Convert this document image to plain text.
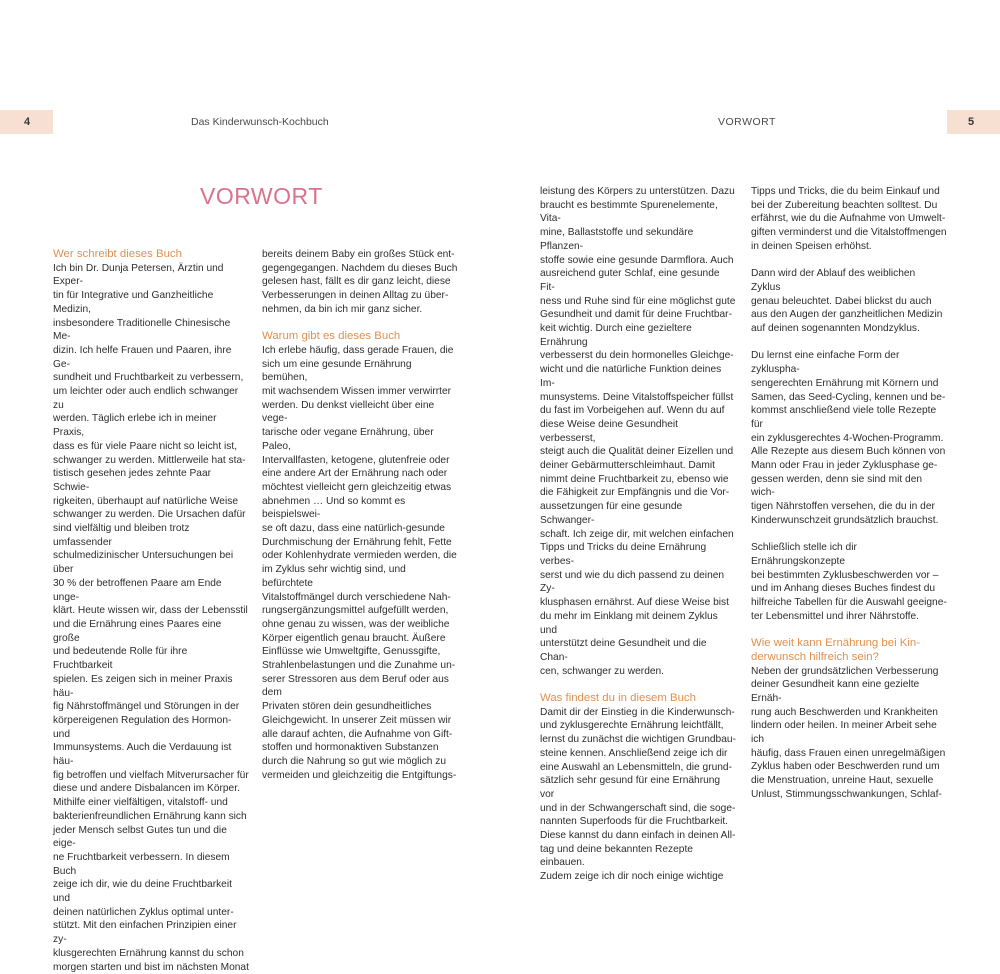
4	Das Kinderwunsch-Kochbuch	VORWORT	5
VORWORT
Wer schreibt dieses Buch
Ich bin Dr. Dunja Petersen, Ärztin und Exper-
tin für Integrative und Ganzheitliche Medizin,
insbesondere Traditionelle Chinesische Me-
dizin. Ich helfe Frauen und Paaren, ihre Ge-
sundheit und Fruchtbarkeit zu verbessern,
um leichter oder auch endlich schwanger zu
werden. Täglich erlebe ich in meiner Praxis,
dass es für viele Paare nicht so leicht ist,
schwanger zu werden. Mittlerweile hat sta-
tistisch gesehen jedes zehnte Paar Schwie-
rigkeiten, überhaupt auf natürliche Weise
schwanger zu werden. Die Ursachen dafür
sind vielfältig und bleiben trotz umfassender
schulmedizinischer Untersuchungen bei über
30 % der betroffenen Paare am Ende unge-
klärt. Heute wissen wir, dass der Lebensstil
und die Ernährung eines Paares eine große
und bedeutende Rolle für ihre Fruchtbarkeit
spielen. Es zeigen sich in meiner Praxis häu-
fig Nährstoffmängel und Störungen in der
körpereigenen Regulation des Hormon- und
Immunsystems. Auch die Verdauung ist häu-
fig betroffen und vielfach Mitverursacher für
diese und andere Disbalancen im Körper.
Mithilfe einer vielfältigen, vitalstoff- und
bakterienfreundlichen Ernährung kann sich
jeder Mensch selbst Gutes tun und die eige-
ne Fruchtbarkeit verbessern. In diesem Buch
zeige ich dir, wie du deine Fruchtbarkeit und
deinen natürlichen Zyklus optimal unter-
stützt. Mit den einfachen Prinzipien einer zy-
klusgerechten Ernährung kannst du schon
morgen starten und bist im nächsten Monat
bereits deinem Baby ein großes Stück ent-
gegengegangen. Nachdem du dieses Buch
gelesen hast, fällt es dir ganz leicht, diese
Verbesserungen in deinen Alltag zu über-
nehmen, da bin ich mir ganz sicher.
Warum gibt es dieses Buch
Ich erlebe häufig, dass gerade Frauen, die
sich um eine gesunde Ernährung bemühen,
mit wachsendem Wissen immer verwirrter
werden. Du denkst vielleicht über eine vege-
tarische oder vegane Ernährung, über Paleo,
Intervallfasten, ketogene, glutenfreie oder
eine andere Art der Ernährung nach oder
möchtest vielleicht gern gleichzeitig etwas
abnehmen … Und so kommt es beispielswei-
se oft dazu, dass eine natürlich-gesunde
Durchmischung der Ernährung fehlt, Fette
oder Kohlenhydrate vermieden werden, die
im Zyklus sehr wichtig sind, und befürchtete
Vitalstoffmängel durch verschiedene Nah-
rungsergänzungsmittel aufgefüllt werden,
ohne genau zu wissen, was der weibliche
Körper eigentlich genau braucht. Äußere
Einflüsse wie Umweltgifte, Genussgifte,
Strahlenbelastungen und die Zunahme un-
serer Stressoren aus dem Beruf oder aus dem
Privaten stören dein gesundheitliches
Gleichgewicht. In unserer Zeit müssen wir
alle darauf achten, die Aufnahme von Gift-
stoffen und hormonaktiven Substanzen
durch die Nahrung so gut wie möglich zu
vermeiden und gleichzeitig die Entgiftungs-
leistung des Körpers zu unterstützen. Dazu
braucht es bestimmte Spurenelemente, Vita-
mine, Ballaststoffe und sekundäre Pflanzen-
stoffe sowie eine gesunde Darmflora. Auch
ausreichend guter Schlaf, eine gesunde Fit-
ness und Ruhe sind für eine möglichst gute
Gesundheit und damit für deine Fruchtbar-
keit wichtig. Durch eine gezieltere Ernährung
verbesserst du dein hormonelles Gleichge-
wicht und die natürliche Funktion deines Im-
munsystems. Deine Vitalstoffspeicher füllst
du fast im Vorbeigehen auf. Wenn du auf
diese Weise deine Gesundheit verbesserst,
steigt auch die Qualität deiner Eizellen und
deiner Gebärmutterschleimhaut. Damit
nimmt deine Fruchtbarkeit zu, ebenso wie
die Fähigkeit zur Empfängnis und die Vor-
aussetzungen für eine gesunde Schwanger-
schaft. Ich zeige dir, mit welchen einfachen
Tipps und Tricks du deine Ernährung verbes-
serst und wie du dich passend zu deinen Zy-
klusphasen ernährst. Auf diese Weise bist
du mehr im Einklang mit deinem Zyklus und
unterstützt deine Gesundheit und die Chan-
cen, schwanger zu werden.
Was findest du in diesem Buch
Damit dir der Einstieg in die Kinderwunsch-
und zyklusgerechte Ernährung leichtfällt,
lernst du zunächst die wichtigen Grundbau-
steine kennen. Anschließend zeige ich dir
eine Auswahl an Lebensmitteln, die grund-
sätzlich sehr gesund für eine Ernährung vor
und in der Schwangerschaft sind, die soge-
nannten Superfoods für die Fruchtbarkeit.
Diese kannst du dann einfach in deinen All-
tag und deine bekannten Rezepte einbauen.
Zudem zeige ich dir noch einige wichtige
Tipps und Tricks, die du beim Einkauf und
bei der Zubereitung beachten solltest. Du
erfährst, wie du die Aufnahme von Umwelt-
giften verminderst und die Vitalstoffmengen
in deinen Speisen erhöhst.
Dann wird der Ablauf des weiblichen Zyklus
genau beleuchtet. Dabei blickst du auch
aus den Augen der ganzheitlichen Medizin
auf deinen sogenannten Mondzyklus.
Du lernst eine einfache Form der zykluspha-
sengerechten Ernährung mit Körnern und
Samen, das Seed-Cycling, kennen und be-
kommst anschließend viele tolle Rezepte für
ein zyklusgerechtes 4-Wochen-Programm.
Alle Rezepte aus diesem Buch können von
Mann oder Frau in jeder Zyklusphase ge-
gessen werden, denn sie sind mit den wich-
tigen Nährstoffen versehen, die du in der
Kinderwunschzeit grundsätzlich brauchst.
Schließlich stelle ich dir Ernährungskonzepte
bei bestimmten Zyklusbeschwerden vor –
und im Anhang dieses Buches findest du
hilfreiche Tabellen für die Auswahl geeigne-
ter Lebensmittel und ihrer Nährstoffe.
Wie weit kann Ernährung bei Kin-
derwunsch hilfreich sein?
Neben der grundsätzlichen Verbesserung
deiner Gesundheit kann eine gezielte Ernäh-
rung auch Beschwerden und Krankheiten
lindern oder heilen. In meiner Arbeit sehe ich
häufig, dass Frauen einen unregelmäßigen
Zyklus haben oder Beschwerden rund um
die Menstruation, unreine Haut, sexuelle
Unlust, Stimmungsschwankungen, Schlaf-
